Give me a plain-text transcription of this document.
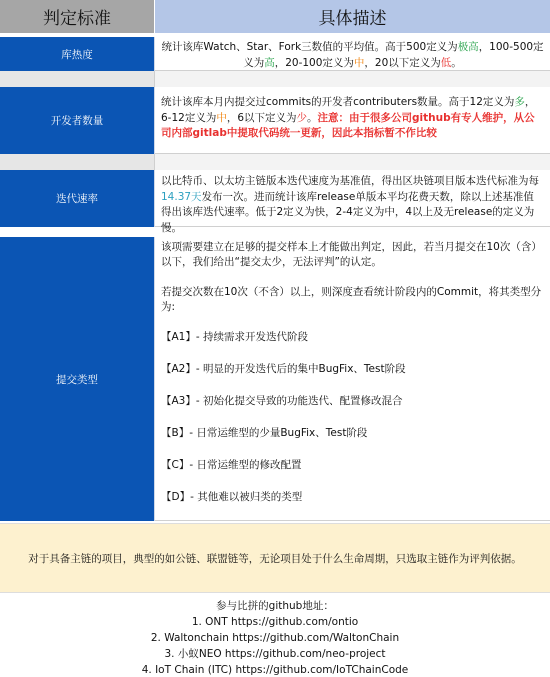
判定标准	具体描述
库热度
统计该库Watch、Star、Fork三数值的平均值。高于500定义为极高，100-500定义为高，20-100定义为中，20以下定义为低。
开发者数量
统计该库本月内提交过commits的开发者contributers数量。高于12定义为多，6-12定义为中，6以下定义为少。注意：由于很多公司github有专人维护，从公司内部gitlab中提取代码统一更新，因此本指标暂不作比较
迭代速率
以比特币、以太坊主链版本迭代速度为基准值，得出区块链项目版本迭代标准为每14.37天发布一次。进而统计该库release单版本平均花费天数，除以上述基准值得出该库迭代速率。低于2定义为快，2-4定义为中，4以上及无release的定义为慢。
提交类型

该项需要建立在足够的提交样本上才能做出判定，因此，若当月提交在10次（含）以下，我们给出“提交太少，无法评判”的认定。

若提交次数在10次（不含）以上，则深度查看统计阶段内的Commit，将其类型分为:

【A1】- 持续需求开发迭代阶段

【A2】- 明显的开发迭代后的集中BugFix、Test阶段

【A3】- 初始化提交导致的功能迭代、配置修改混合

【B】- 日常运维型的少量BugFix、Test阶段

【C】- 日常运维型的修改配置

【D】- 其他难以被归类的类型

对于具备主链的项目，典型的如公链、联盟链等，无论项目处于什么生命周期，只选取主链作为评判依据。
参与比拼的github地址：
1. ONT https://github.com/ontio
2. Waltonchain https://github.com/WaltonChain
3. 小蚁NEO https://github.com/neo-project
4. IoT Chain (ITC) https://github.com/IoTChainCode
